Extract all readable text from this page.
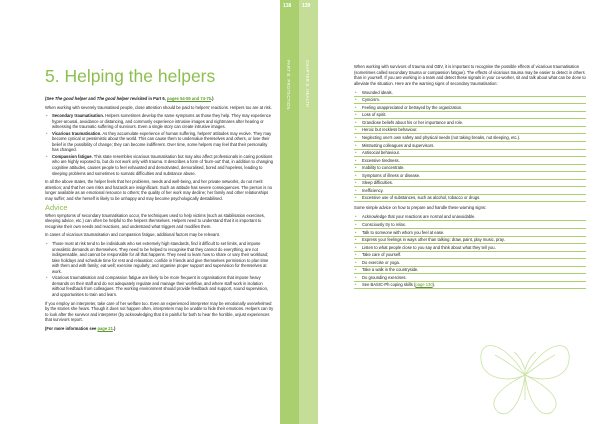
5. Helping the helpers

(See The good helper and The good helper revisited in Part 6, pages 54-55 and 74-75.)

When working with severely traumatised people, close attention should be paid to helpers' reactions. Helpers too are at risk.

• Secondary traumatisation. Helpers sometimes develop the same symptoms as those they help. They may experience hyper-arousal, avoidance or distancing, and commonly experience intrusive images and nightmares after hearing or witnessing the traumatic suffering of survivors. Even a single story can create intrusive images.
• Vicarious traumatisation. As they accumulate experience of human suffering, helpers' attitudes may evolve. They may become cynical or pessimistic about the world. This can cause them to undervalue themselves and others, or lose their belief in the possibility of change; they can become indifferent. Over time, some helpers may feel that their personality has changed.
• Compassion fatigue. This state resembles vicarious traumatisation but may also affect professionals in caring positions who are highly exposed to, but do not work only with trauma. It describes a form of 'burn-out' that, in addition to changing cognitive attitudes, causes people to feel exhausted and demotivated, demoralised, bored and hopeless, leading to sleeping problems and sometimes to somatic difficulties and substance abuse.

In all the above states, the helper feels that her problems, needs and well-being, and her private networks, do not merit attention; and that her own risks and hazards are insignificant. Such an attitude has severe consequences. The person is no longer available as an emotional resource to others; the quality of her work may decline; her family and other relationships may suffer; and she herself is likely to be unhappy and may become psychologically destabilised.

Advice

When symptoms of secondary traumatisation occur, the techniques used to help victims (such as stabilisation exercises, sleeping advice, etc.) can often be helpful to the helpers themselves. Helpers need to understand that it is important to recognise their own needs and reactions, and understand what triggers and modifies them.

In cases of vicarious traumatisation and compassion fatigue, additional factors may be relevant.

• Those most at risk tend to be individuals who set extremely high standards, find it difficult to set limits, and impose unrealistic demands on themselves. They need to be helped to recognise that they cannot do everything, are not indispensable, and cannot be responsible for all that happens. They need to learn how to share or vary their workload; take holidays and schedule time for rest and relaxation; confide in friends and give themselves permission to plan time with them and with family; eat well; exercise regularly; and organise proper support and supervision for themselves at work.
• Vicarious traumatisation and compassion fatigue are likely to be more frequent in organisations that impose heavy demands on their staff and do not adequately regulate and manage their workflow, and where staff work in isolation without feedback from colleagues. The working environment should provide feedback and support, sound supervision, and opportunities to train and learn.

If you employ an interpreter, take care of her welfare too. Even an experienced interpreter may be emotionally overwhelmed by the stories she hears. Though it does not happen often, interpreters may be unable to hide their emotions. Helpers can try to look after the survivor and interpreter (by acknowledging that it is painful for both to hear the horrible, unjust experiences that survivors report.

(For more information see page 21.)

138
PART B: PROTECTION
139
CHAPTER 5: HEALTH	When working with survivors of trauma and GBV, it is important to recognise the possible effects of vicarious traumatisation (sometimes called secondary trauma or compassion fatigue). The effects of vicarious trauma may be easier to detect in others than in yourself. If you are working in a team and detect these signals in your co-worker, sit and talk about what can be done to alleviate the situation. Here are the warning signs of secondary traumatisation:

• Wounded ideals.
• Cynicism.
• Feeling unappreciated or betrayed by the organization.
• Loss of spirit.
• Grandiose beliefs about his or her importance and role.
• Heroic but reckless behaviour.
• Neglecting one's own safety and physical needs (not taking breaks, not sleeping, etc.).
• Mistrusting colleagues and supervisors.
• Antisocial behaviour.
• Excessive tiredness.
• Inability to concentrate.
• Symptoms of illness or disease.
• Sleep difficulties.
• Inefficiency.
• Excessive use of substances, such as alcohol, tobacco or drugs.

Some simple advice on how to prepare and handle these warning signs:

• Acknowledge that your reactions are normal and unavoidable.
• Consciously try to relax.
• Talk to someone with whom you feel at ease.
• Express your feelings in ways other than talking: draw, paint, play music, pray.
• Listen to what people close to you say and think about what they tell you.
• Take care of yourself.
• Do exercise or yoga.
• Take a walk in the countryside.
• Do grounding exercises.
• See BASIC-Ph coping skills (page 130).
